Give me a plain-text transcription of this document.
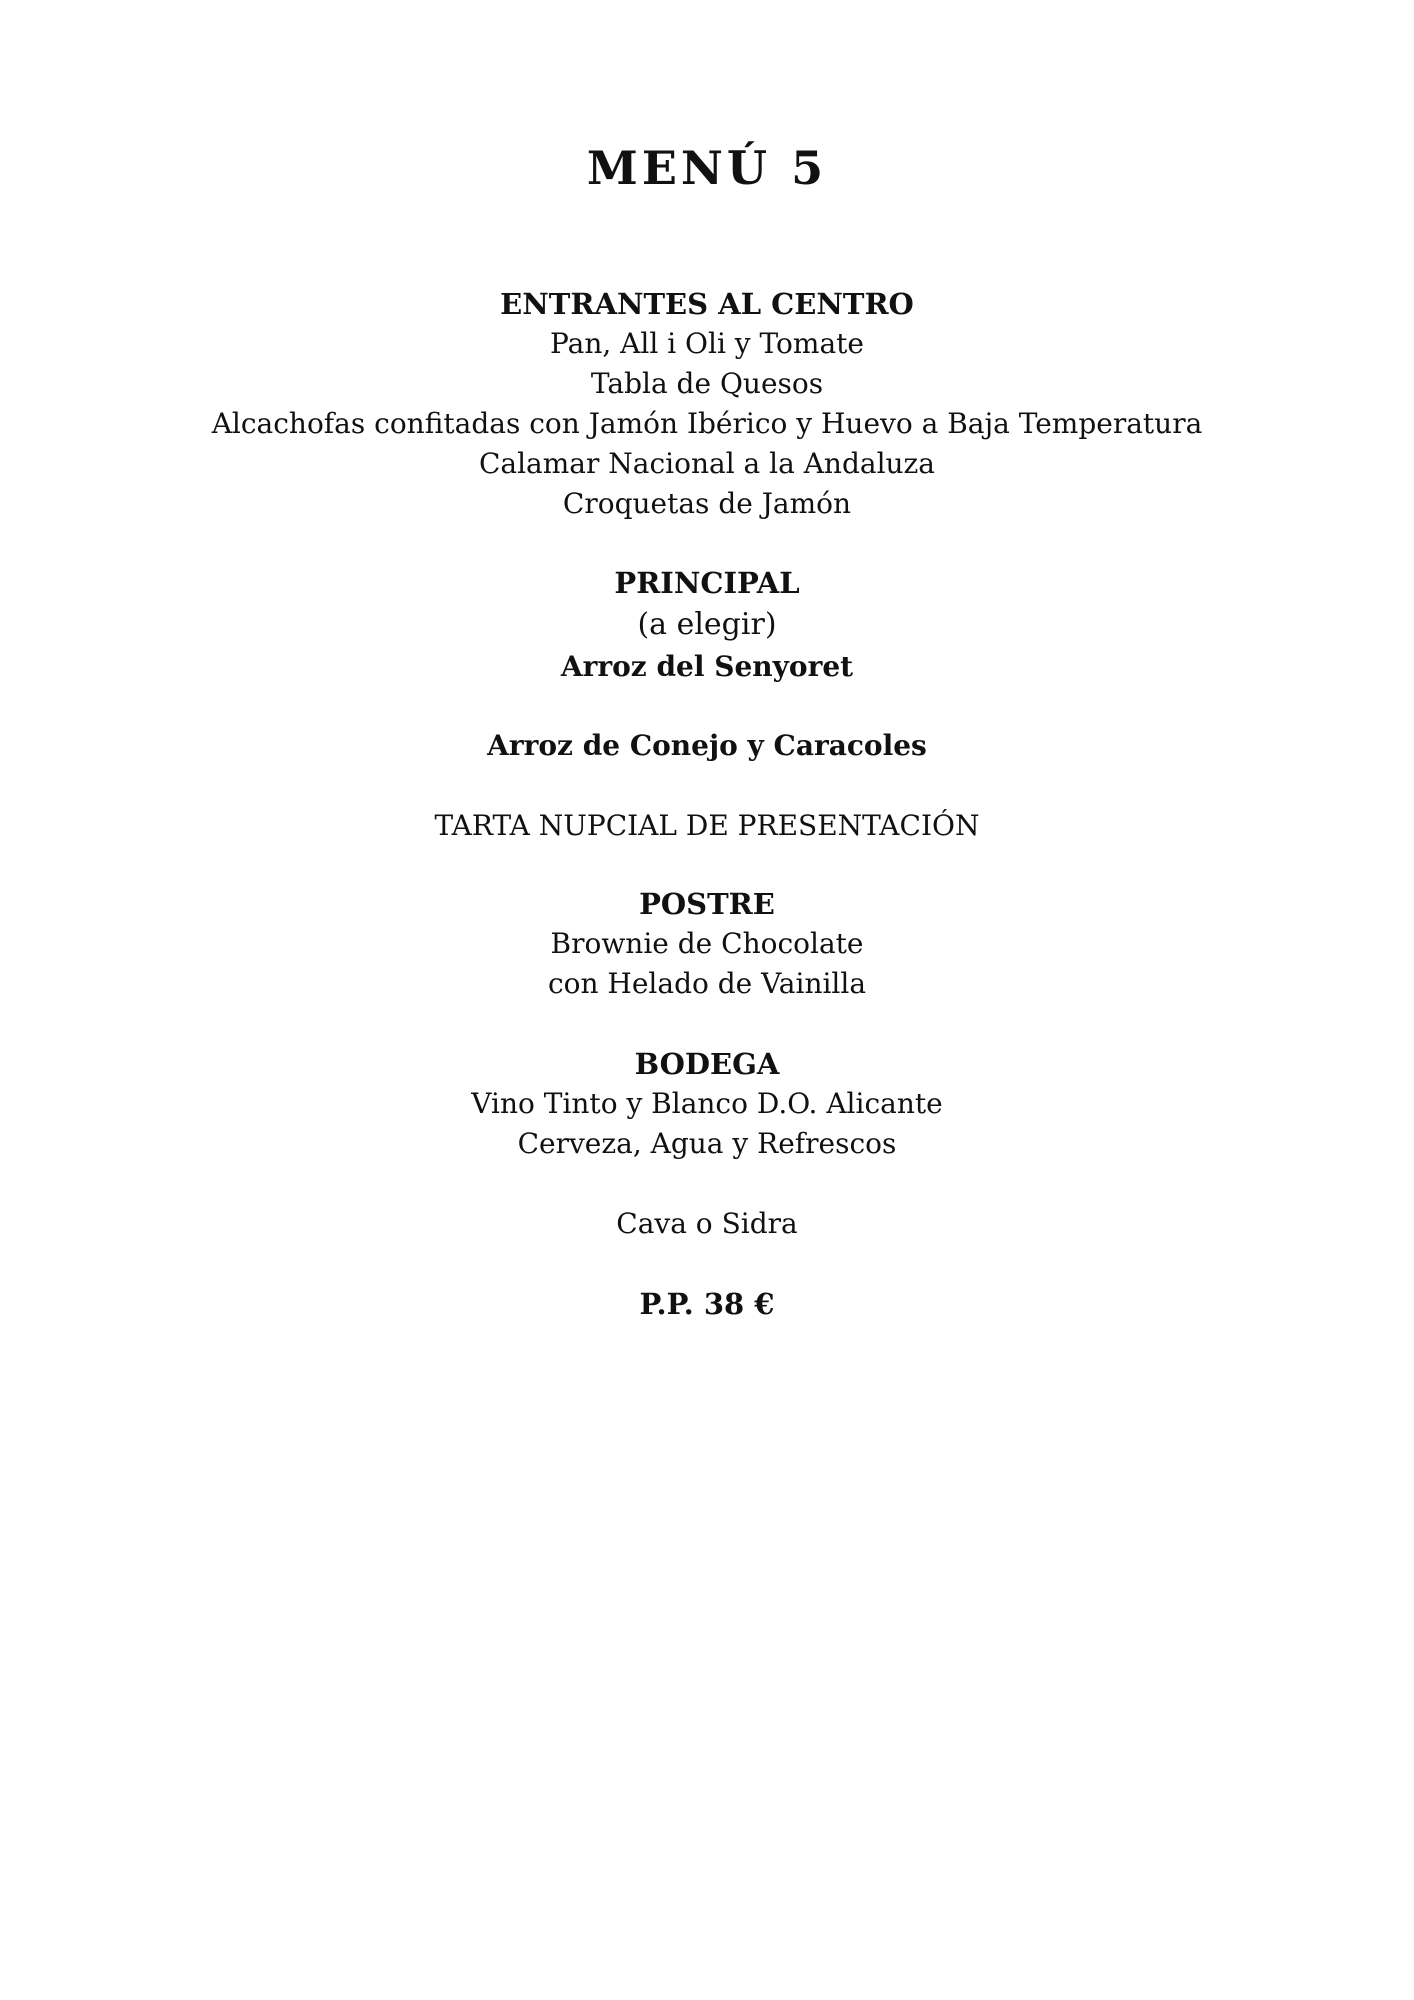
MENÚ 5

ENTRANTES AL CENTRO

Pan, All i Oli y Tomate

Tabla de Quesos

Alcachofas confitadas con Jamón Ibérico y Huevo a Baja Temperatura

Calamar Nacional a la Andaluza

Croquetas de Jamón

PRINCIPAL

(a elegir)

Arroz del Senyoret

Arroz de Conejo y Caracoles

TARTA NUPCIAL DE PRESENTACIÓN

POSTRE

Brownie de Chocolate

con Helado de Vainilla

BODEGA

Vino Tinto y Blanco D.O. Alicante

Cerveza, Agua y Refrescos

Cava o Sidra

P.P. 38 €
